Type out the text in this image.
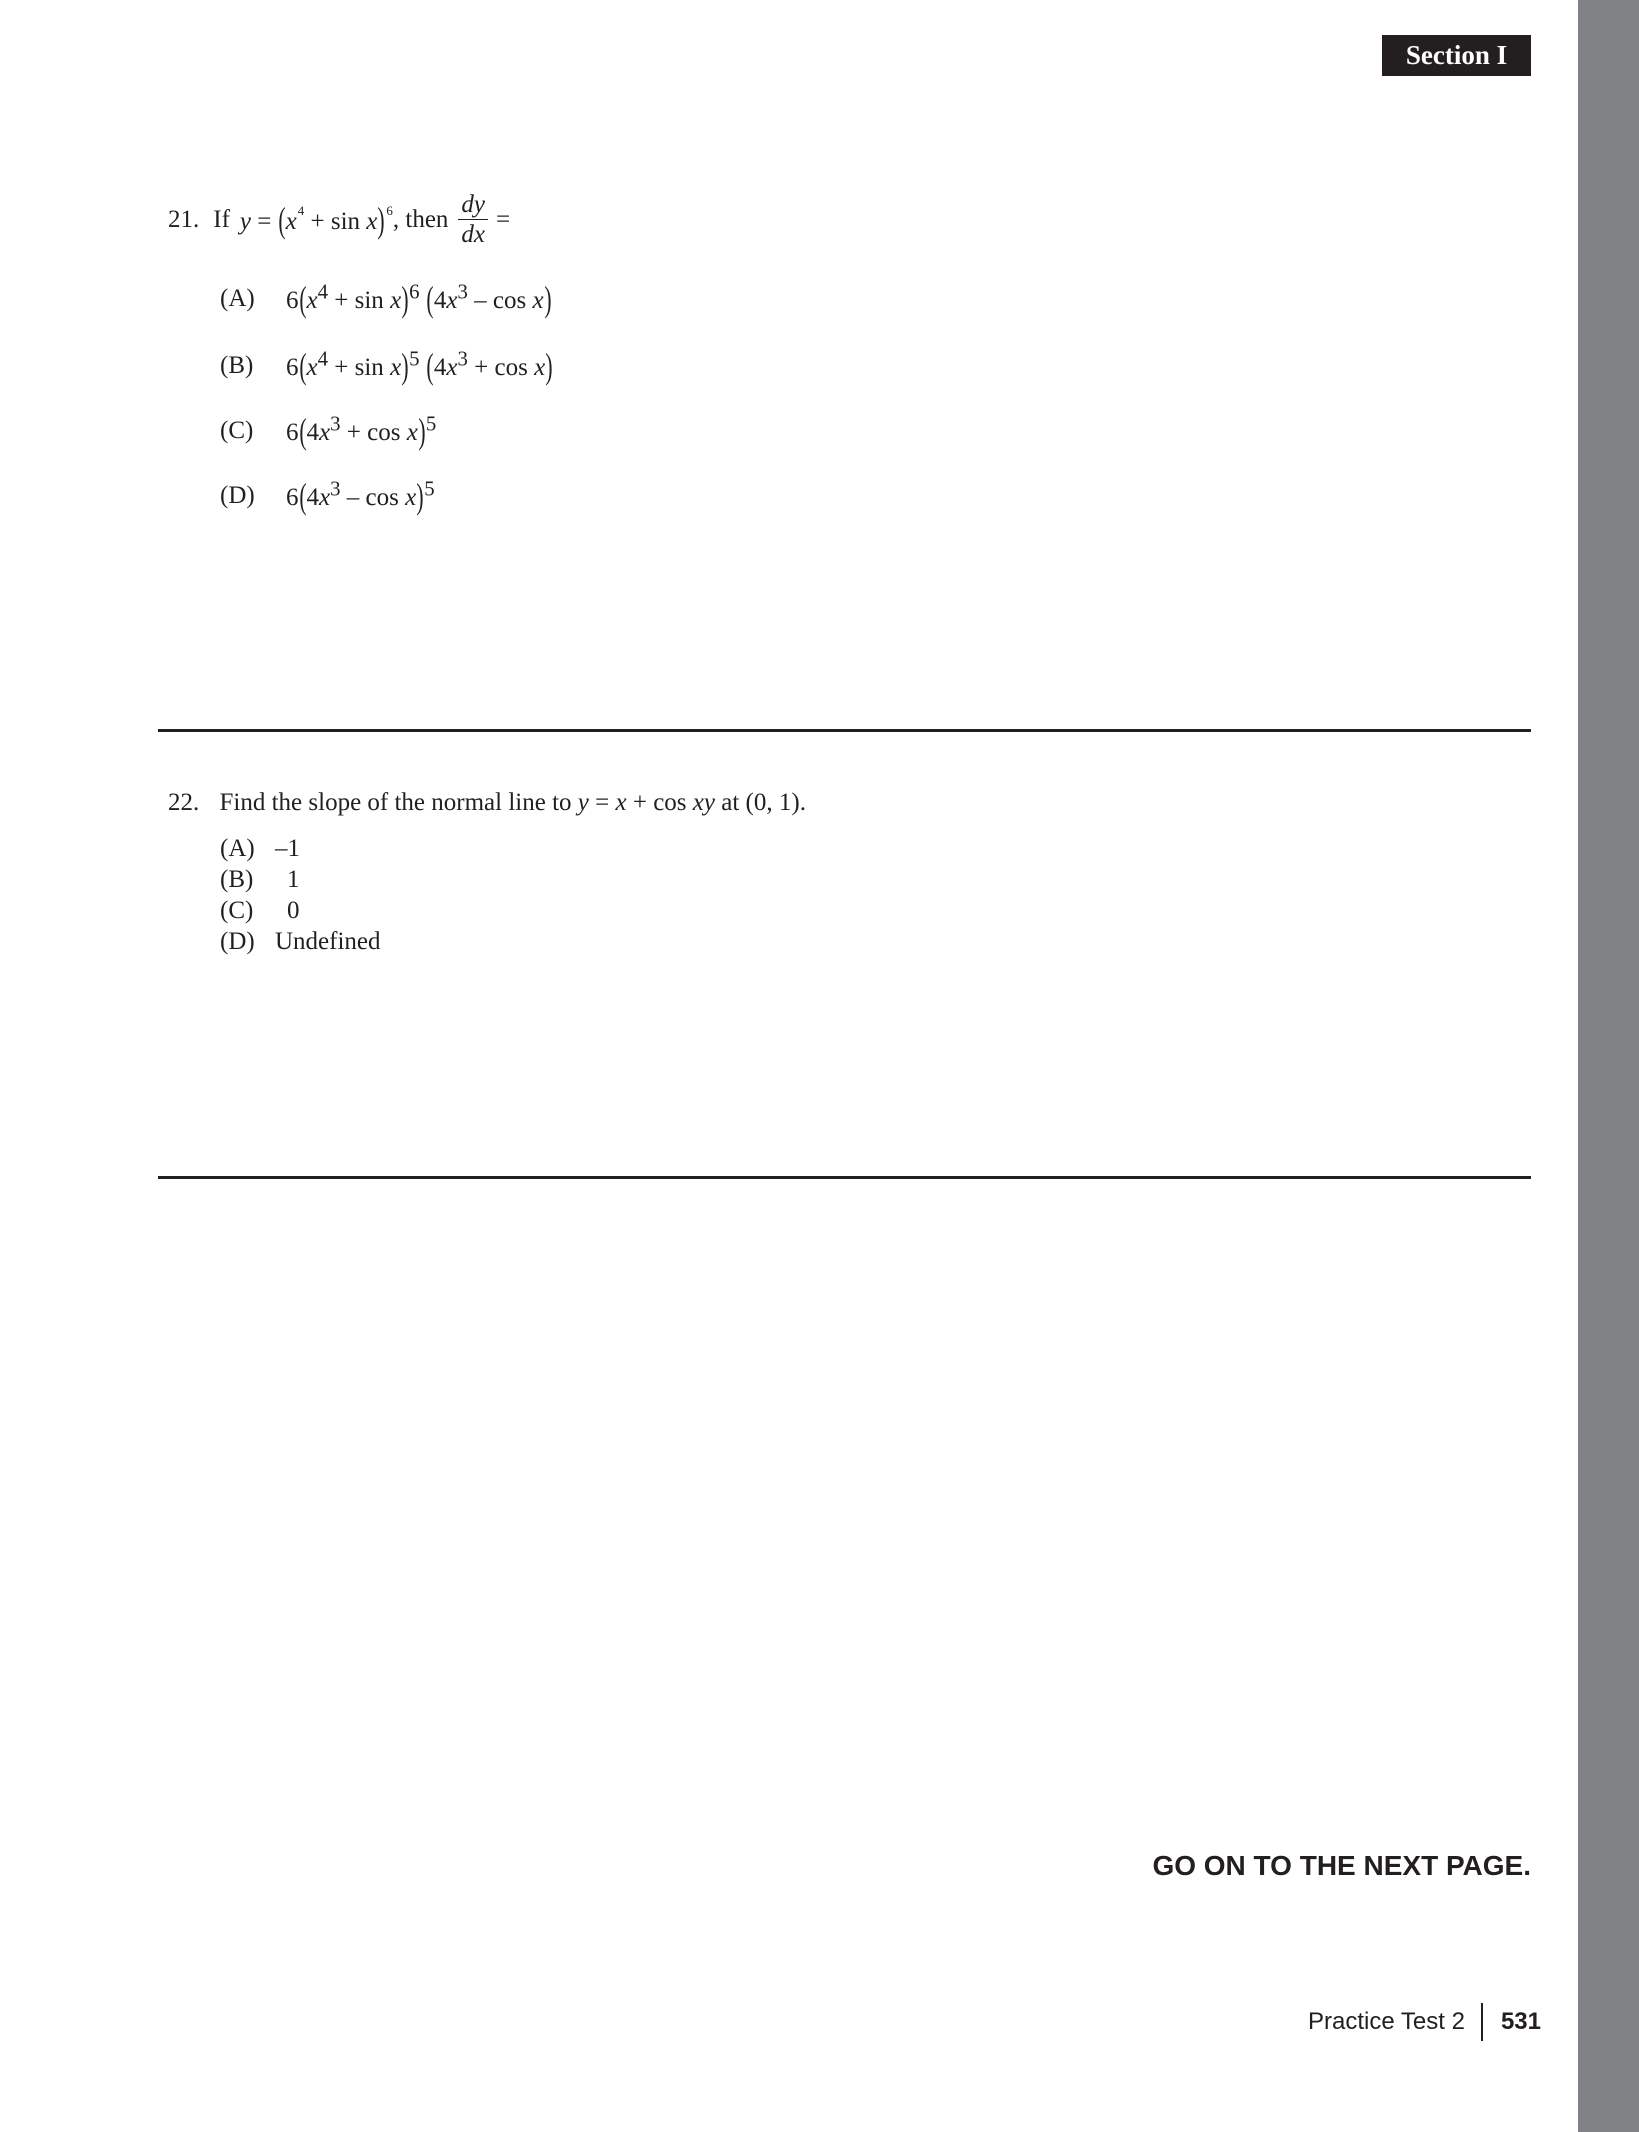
Section I
21. If $y = (x^4 + \sin x)^6$ , then $\frac{dy}{dx}$ =
(A)	$6(x^4 + \sin x)^6$ ($4x^3$ – cos x)
(B)	$6(x^4 + \sin x)^5$ $(4x^3 + \cos x)$
(C)	$6(4x^3 + \cos x)^5$
(D)	$6(4x^3$ – cos x)$^5$
22. Find the slope of the normal line to y = x + cos xy at (0, 1).
(A) –1
(B) 1
(C) 0
(D) Undefined
GO ON TO THE NEXT PAGE.
Practice Test 2 531
